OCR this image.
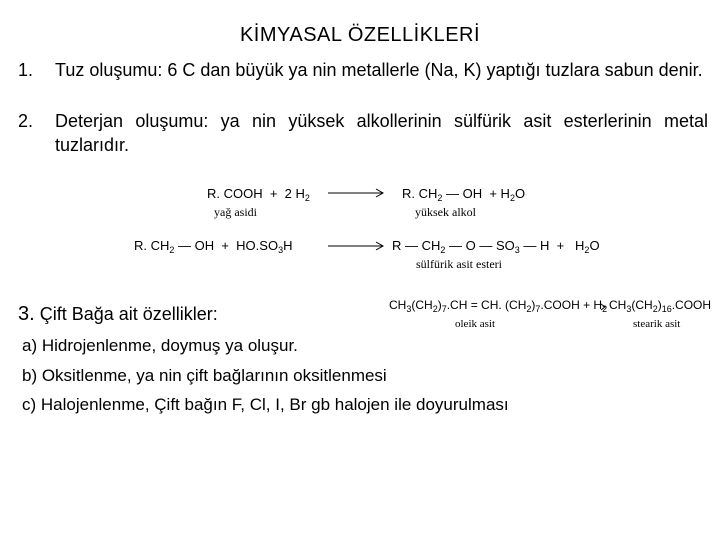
KİMYASAL ÖZELLİKLERİ
1. Tuz oluşumu: 6 C dan büyük ya nin metallerle (Na, K) yaptığı tuzlara sabun denir.
2. Deterjan oluşumu: ya nin yüksek alkollerinin sülfürik asit esterlerinin metal tuzlarıdır.
R. COOH  +  2 $H_2 \to R$. $CH_2$ — OH  + $H_2O$
yağ asidi	yüksek alkol
R. $CH_2$ — OH  +  $HO.SO_3H \to R$ — $CH_2$ — O — $SO_3$ — $H + H_2O$
sülfürik asit esteri
3. Çift Bağa ait özellikler:	$CH_3(CH_2)_7.CH$ = CH. $(CH_2)_7.COOH + H_2$ $CH_3(CH_2)_{16}.COOH$
oleik asit	stearik asit
a) Hidrojenlenme, doymuş ya oluşur.
b) Oksitlenme, ya nin çift bağlarının oksitlenmesi
c) Halojenlenme, Çift bağın F, Cl, I, Br gb halojen ile doyurulması
